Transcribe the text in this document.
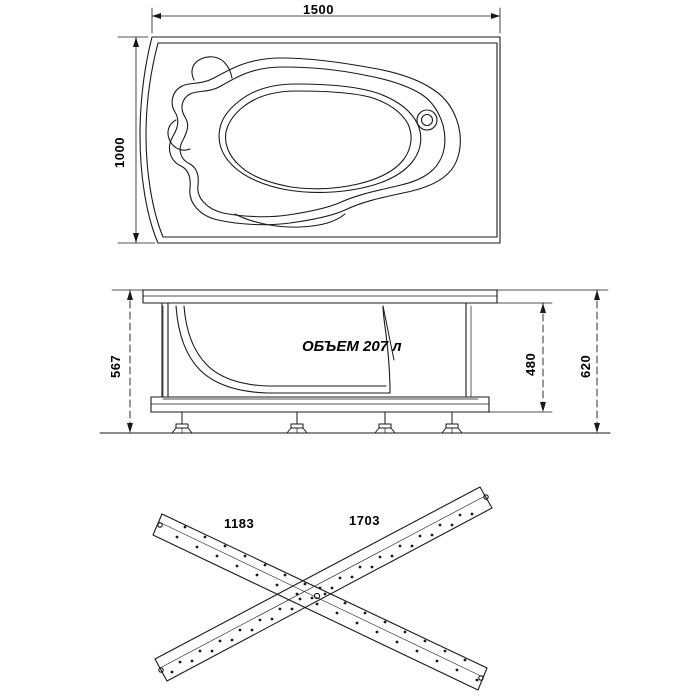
1500
1000
567	480	620
ОБЪЕМ 207 л
1183	1703
